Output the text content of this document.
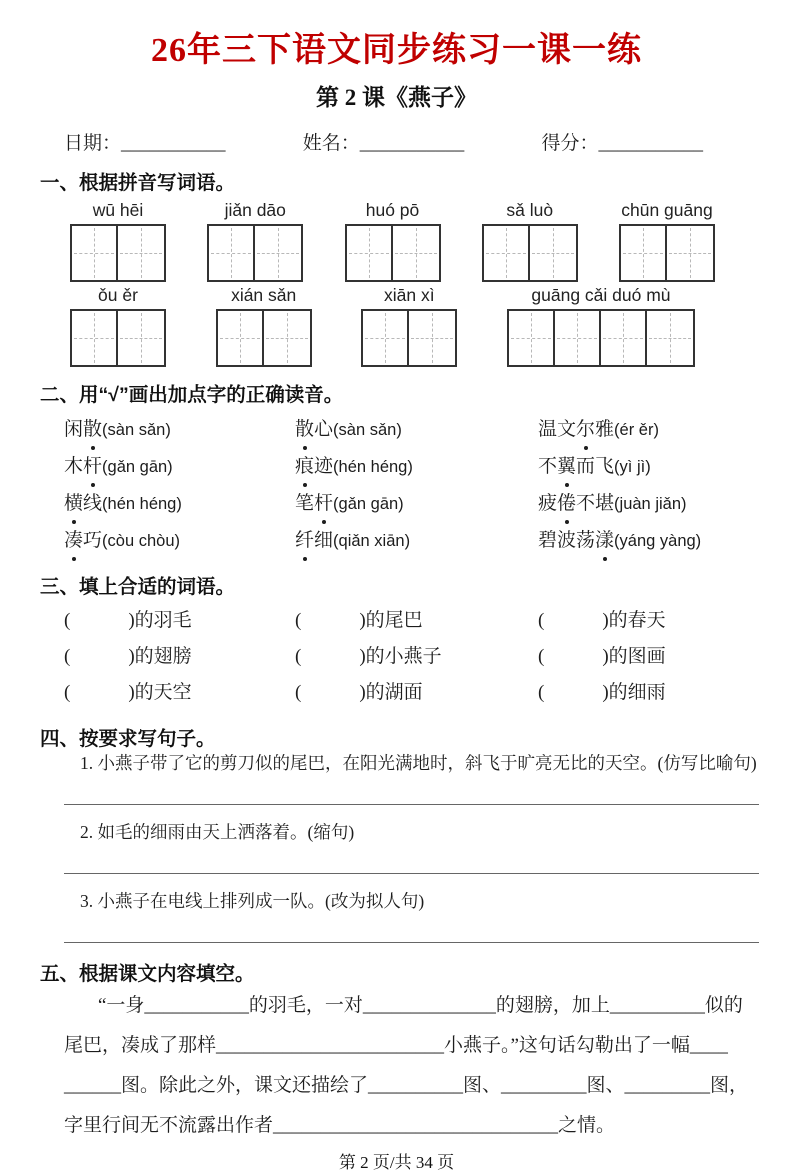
26年三下语文同步练习一课一练
第 2 课《燕子》
日期：___________	姓名：___________	得分：___________
一、根据拼音写词语。
wū hēi	jiǎn dāo	huó pō	sǎ luò	chūn guāng
ǒu ěr	xián sǎn	xiān xì	guāng cǎi duó mù
二、用“√”画出加点字的正确读音。
闲散(sàn sǎn)	散心(sàn sǎn)	温文尔雅(ér ěr)
木杆(gǎn gān)	痕迹(hén héng)	不翼而飞(yì jì)
横线(hén héng)	笔杆(gǎn gān)	疲倦不堪(juàn jiǎn)
凑巧(còu chòu)	纤细(qiǎn xiān)	碧波荡漾(yáng yàng)
三、填上合适的词语。
(	)的羽毛	(	)的尾巴	(	)的春天
(	)的翅膀	(	)的小燕子	(	)的图画
(	)的天空	(	)的湖面	(	)的细雨
四、按要求写句子。

1. 小燕子带了它的剪刀似的尾巴，在阳光满地时，斜飞于旷亮无比的天空。(仿写比喻句)

2. 如毛的细雨由天上洒落着。(缩句)

3. 小燕子在电线上排列成一队。(改为拟人句)

五、根据课文内容填空。
“一身___________的羽毛，一对______________的翅膀，加上__________似的
尾巴，凑成了那样________________________小燕子。”这句话勾勒出了一幅____
______图。除此之外，课文还描绘了__________图、_________图、_________图，
字里行间无不流露出作者______________________________之情。
第 2 页/共 34 页
